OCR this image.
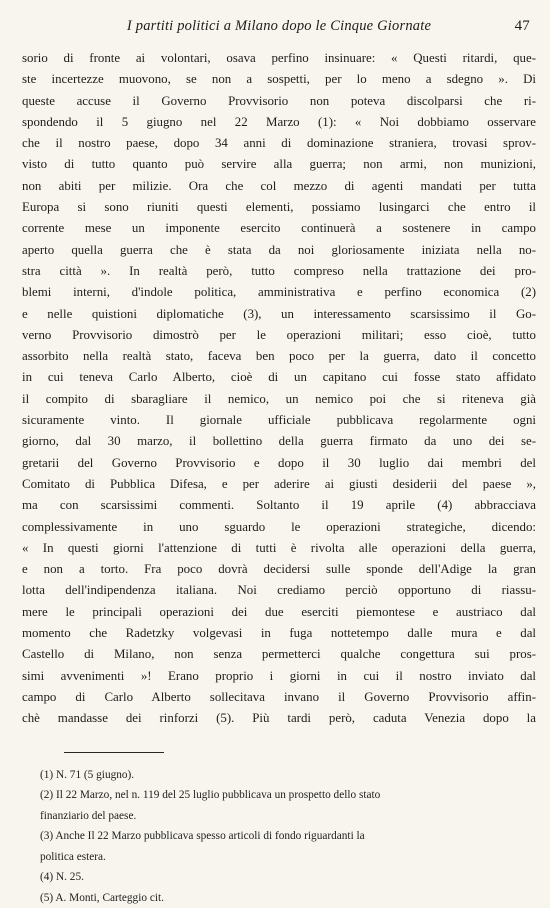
I partiti politici a Milano dopo le Cinque Giornate	47
sorio di fronte ai volontari, osava perfino insinuare: « Questi ritardi, que-
ste incertezze muovono, se non a sospetti, per lo meno a sdegno ». Di
queste accuse il Governo Provvisorio non poteva discolparsi che ri-
spondendo il 5 giugno nel 22 Marzo (1): « Noi dobbiamo osservare
che il nostro paese, dopo 34 anni di dominazione straniera, trovasi sprov-
visto di tutto quanto può servire alla guerra; non armi, non munizioni,
non abiti per milizie. Ora che col mezzo di agenti mandati per tutta
Europa si sono riuniti questi elementi, possiamo lusingarci che entro il
corrente mese un imponente esercito continuerà a sostenere in campo
aperto quella guerra che è stata da noi gloriosamente iniziata nella no-
stra città ». In realtà però, tutto compreso nella trattazione dei pro-
blemi interni, d'indole politica, amministrativa e perfino economica (2)
e nelle quistioni diplomatiche (3), un interessamento scarsissimo il Go-
verno Provvisorio dimostrò per le operazioni militari; esso cioè, tutto
assorbito nella realtà stato, faceva ben poco per la guerra, dato il concetto
in cui teneva Carlo Alberto, cioè di un capitano cui fosse stato affidato
il compito di sbaragliare il nemico, un nemico poi che si riteneva già
sicuramente vinto. Il giornale ufficiale pubblicava regolarmente ogni
giorno, dal 30 marzo, il bollettino della guerra firmato da uno dei se-
gretarii del Governo Provvisorio e dopo il 30 luglio dai membri del
Comitato di Pubblica Difesa, e per aderire ai giusti desiderii del paese »,
ma con scarsissimi commenti. Soltanto il 19 aprile (4) abbracciava
complessivamente in uno sguardo le operazioni strategiche, dicendo:
« In questi giorni l'attenzione di tutti è rivolta alle operazioni della guerra,
e non a torto. Fra poco dovrà decidersi sulle sponde dell'Adige la gran
lotta dell'indipendenza italiana. Noi crediamo perciò opportuno di riassu-
mere le principali operazioni dei due eserciti piemontese e austriaco dal
momento che Radetzky volgevasi in fuga nottetempo dalle mura e dal
Castello di Milano, non senza permetterci qualche congettura sui pros-
simi avvenimenti »! Erano proprio i giorni in cui il nostro inviato dal
campo di Carlo Alberto sollecitava invano il Governo Provvisorio affin-
chè mandasse dei rinforzi (5). Più tardi però, caduta Venezia dopo la
(1) N. 71 (5 giugno).
(2) Il 22 Marzo, nel n. 119 del 25 luglio pubblicava un prospetto dello stato
finanziario del paese.
(3) Anche Il 22 Marzo pubblicava spesso articoli di fondo riguardanti la
politica estera.
(4) N. 25.
(5) A. Monti, Carteggio cit.
